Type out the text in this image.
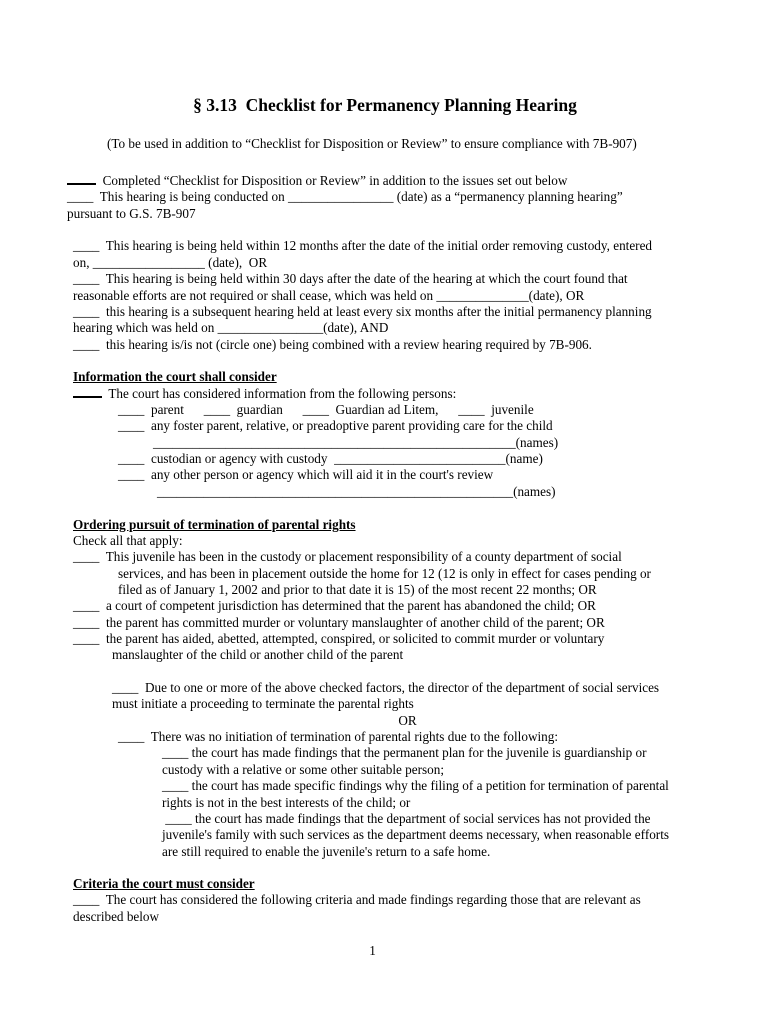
§ 3.13  Checklist for Permanency Planning Hearing
(To be used in addition to “Checklist for Disposition or Review” to ensure compliance with 7B-907)
Completed “Checklist for Disposition or Review” in addition to the issues set out below
____  This hearing is being conducted on ________________ (date) as a “permanency planning hearing”
pursuant to G.S. 7B-907
____  This hearing is being held within 12 months after the date of the initial order removing custody, entered
on, _________________ (date),  OR
____  This hearing is being held within 30 days after the date of the hearing at which the court found that
reasonable efforts are not required or shall cease, which was held on ______________(date), OR
____  this hearing is a subsequent hearing held at least every six months after the initial permanency planning
hearing which was held on ________________(date), AND
____  this hearing is/is not (circle one) being combined with a review hearing required by 7B-906.
Information the court shall consider
The court has considered information from the following persons:
____  parent      ____  guardian      ____  Guardian ad Litem,      ____  juvenile
____  any foster parent, relative, or preadoptive parent providing care for the child
_______________________________________________________(names)
____  custodian or agency with custody  __________________________(name)
____  any other person or agency which will aid it in the court's review
______________________________________________________(names)
Ordering pursuit of termination of parental rights
Check all that apply:
____  This juvenile has been in the custody or placement responsibility of a county department of social
services, and has been in placement outside the home for 12 (12 is only in effect for cases pending or
filed as of January 1, 2002 and prior to that date it is 15) of the most recent 22 months; OR
____  a court of competent jurisdiction has determined that the parent has abandoned the child; OR
____  the parent has committed murder or voluntary manslaughter of another child of the parent; OR
____  the parent has aided, abetted, attempted, conspired, or solicited to commit murder or voluntary
manslaughter of the child or another child of the parent
____  Due to one or more of the above checked factors, the director of the department of social services
must initiate a proceeding to terminate the parental rights
OR
____  There was no initiation of termination of parental rights due to the following:
____ the court has made findings that the permanent plan for the juvenile is guardianship or
custody with a relative or some other suitable person;
____ the court has made specific findings why the filing of a petition for termination of parental
rights is not in the best interests of the child; or
____ the court has made findings that the department of social services has not provided the
juvenile's family with such services as the department deems necessary, when reasonable efforts
are still required to enable the juvenile's return to a safe home.
Criteria the court must consider
____  The court has considered the following criteria and made findings regarding those that are relevant as
described below
1
